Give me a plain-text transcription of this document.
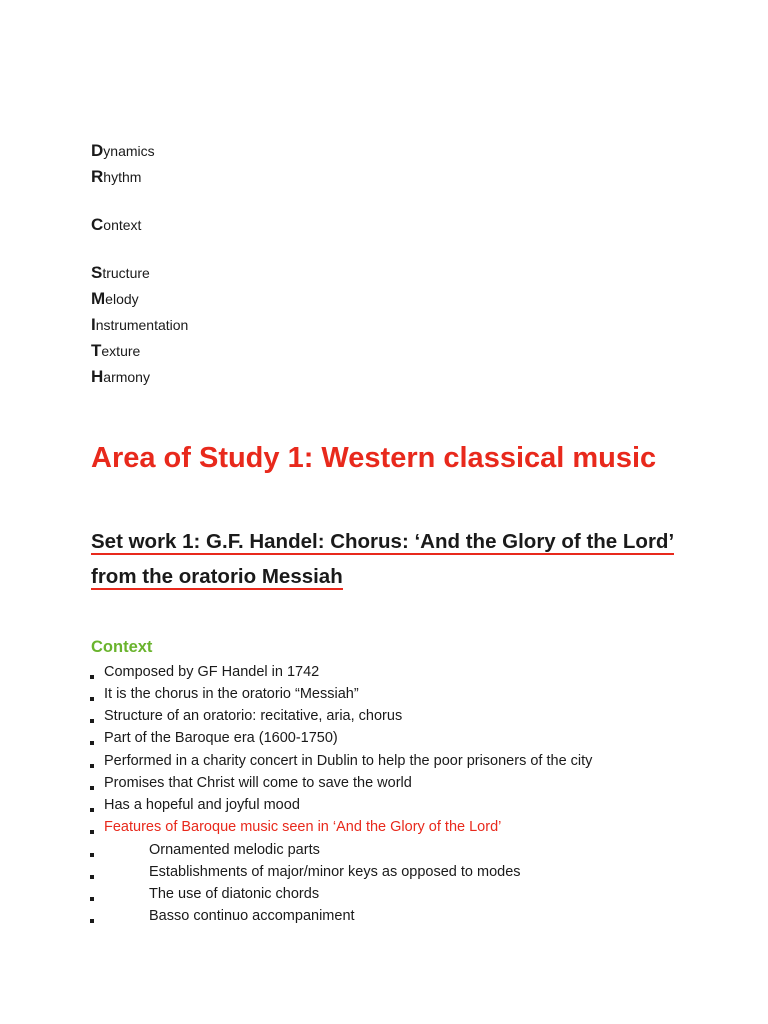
Dynamics
Rhythm
Context
Structure
Melody
Instrumentation
Texture
Harmony
Area of Study 1: Western classical music
Set work 1: G.F. Handel: Chorus: ‘And the Glory of the Lord’ from the oratorio Messiah
Context
Composed by GF Handel in 1742
It is the chorus in the oratorio “Messiah”
Structure of an oratorio: recitative, aria, chorus
Part of the Baroque era (1600-1750)
Performed in a charity concert in Dublin to help the poor prisoners of the city
Promises that Christ will come to save the world
Has a hopeful and joyful mood
Features of Baroque music seen in ‘And the Glory of the Lord’
Ornamented melodic parts
Establishments of major/minor keys as opposed to modes
The use of diatonic chords
Basso continuo accompaniment
